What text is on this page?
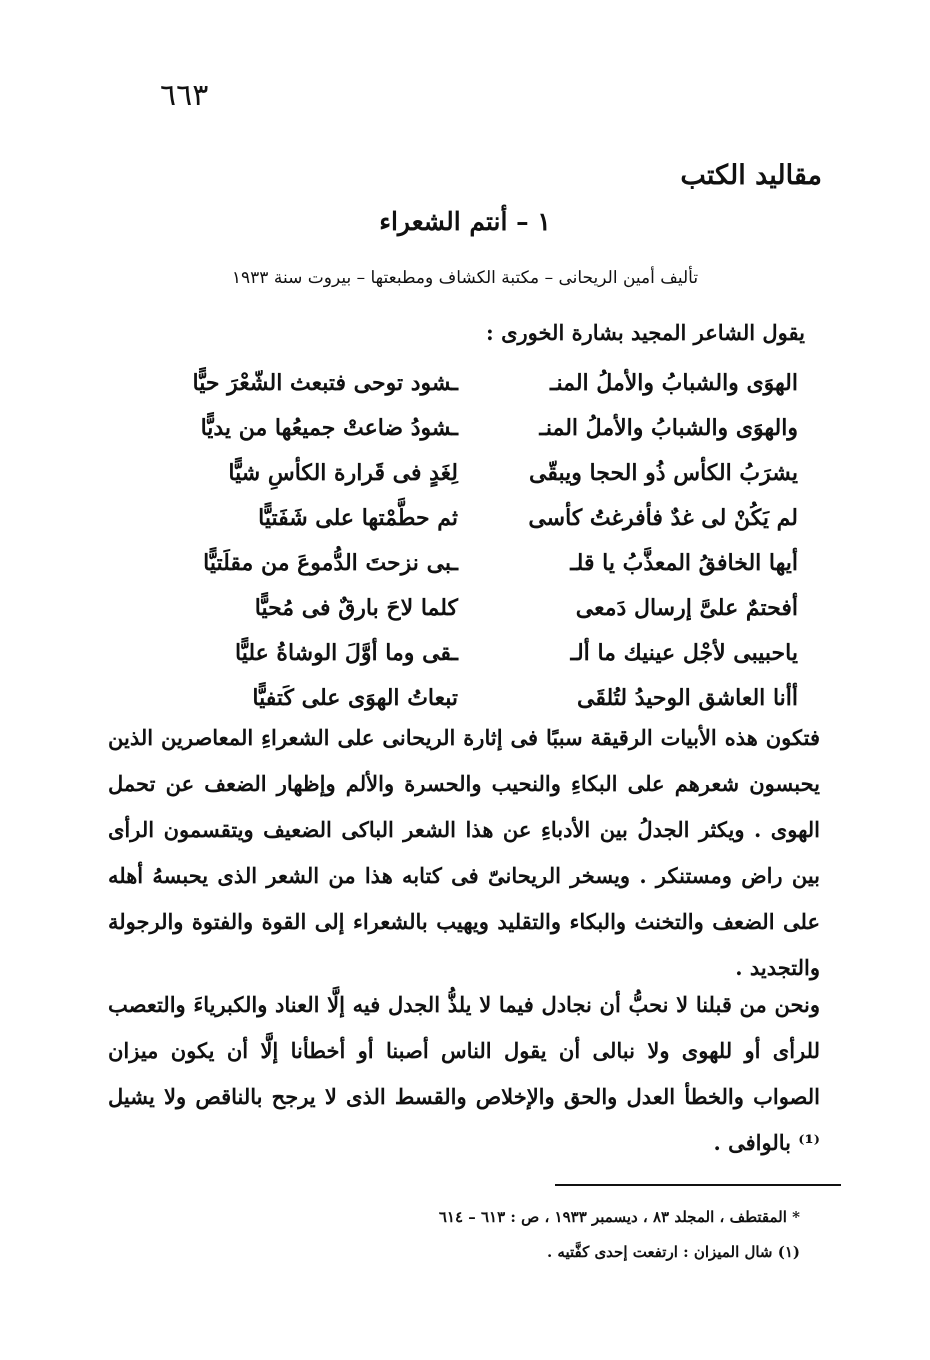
٦٦٣
مقاليد الكتب
١ – أنتم الشعراء
تأليف أمين الريحانى – مكتبة الكشاف ومطبعتها – بيروت سنة ١٩٣٣
يقول الشاعر المجيد بشارة الخورى :
الهوَى والشبابُ والأملُ المنـ
ـشود توحى فتبعث الشّعْرَ حيًّا
والهوَى والشبابُ والأملُ المنـ
ـشودُ ضاعتْ جميعُها من يديًّا
يشرَبُ الكأس ذُو الحجا ويبقّى
لِغَدٍ فى قَرارة الكأسِ شيًّا
لم يَكُنْ لى غدٌ فأفرغتُ كأسى
ثم حطَّمْتها على شَفَتيًّا
أيها الخافقُ المعذَّبُ يا قلـ
ـبى نزحتَ الدُّموعَ من مقلَتيًّا
أفحتمٌ علىَّ إرسال دَمعى
كلما لاحَ بارقٌ فى مُحيًّا
ياحبيبى لأجْل عينيك ما ألـ
ـقى وما أوَّلَ الوشاةُ عليًّا
أأنا العاشق الوحيدُ لتُلقَى
تبعاتُ الهوَى على كَتفيًّا

فتكون هذه الأبيات الرقيقة سببًا فى إثارة الريحانى على الشعراءِ المعاصرين الذين يحبسون شعرهم على البكاءِ والنحيب والحسرة والألم وإظهار الضعف عن تحمل الهوى . ويكثر الجدلُ بين الأدباءِ عن هذا الشعر الباكى الضعيف ويتقسمون الرأى بين راض ومستنكر . ويسخر الريحانىّ فى كتابه هذا من الشعر الذى يحبسهُ أهله على الضعف والتخنث والبكاء والتقليد ويهيب بالشعراء إلى القوة والفتوة والرجولة والتجديد .

ونحن من قبلنا لا نحبُّ أن نجادل فيما لا يلذُّ الجدل فيه إلَّا العناد والكبرياءَ والتعصب للرأى أو للهوى ولا نبالى أن يقول الناس أصبنا أو أخطأنا إلَّا أن يكون ميزان الصواب والخطأ العدل والحق والإخلاص والقسط الذى لا يرجح بالناقص ولا يشيل ⁽¹⁾ بالوافى .

* المقتطف ، المجلد ٨٣ ، ديسمبر ١٩٣٣ ، ص : ٦١٣ – ٦١٤
(١) شال الميزان : ارتفعت إحدى كفَّتيه .
